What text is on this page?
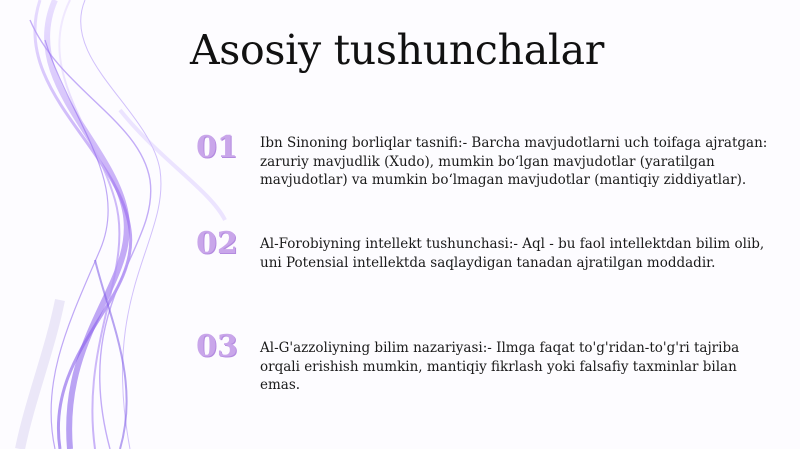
Asosiy tushunchalar
01	Ibn Sinoning borliqlar tasnifi:- Barcha mavjudotlarni uch toifaga ajratgan: zaruriy mavjudlik (Xudo), mumkin bo‘lgan mavjudotlar (yaratilgan mavjudotlar) va mumkin bo‘lmagan mavjudotlar (mantiqiy ziddiyatlar).

02	Al-Forobiyning intellekt tushunchasi:- Aql - bu faol intellektdan bilim olib, uni Potensial intellektda saqlaydigan tanadan ajratilgan moddadir.

03	Al-G'azzoliyning bilim nazariyasi:- Ilmga faqat to'g'ridan-to'g'ri tajriba orqali erishish mumkin, mantiqiy fikrlash yoki falsafiy taxminlar bilan emas.
